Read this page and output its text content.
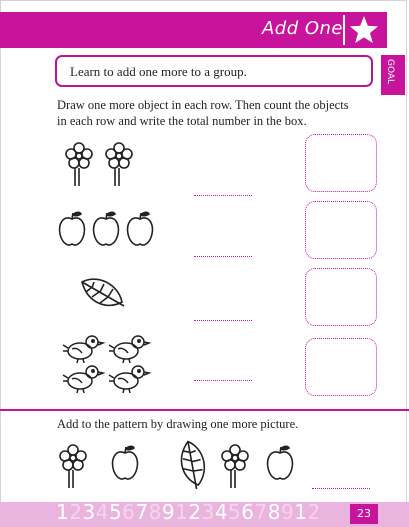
Add One
GOAL
Learn to add one more to a group.
Draw one more object in each row. Then count the objects
in each row and write the total number in the box.
Add to the pattern by drawing one more picture.
12345678912345678912	23
